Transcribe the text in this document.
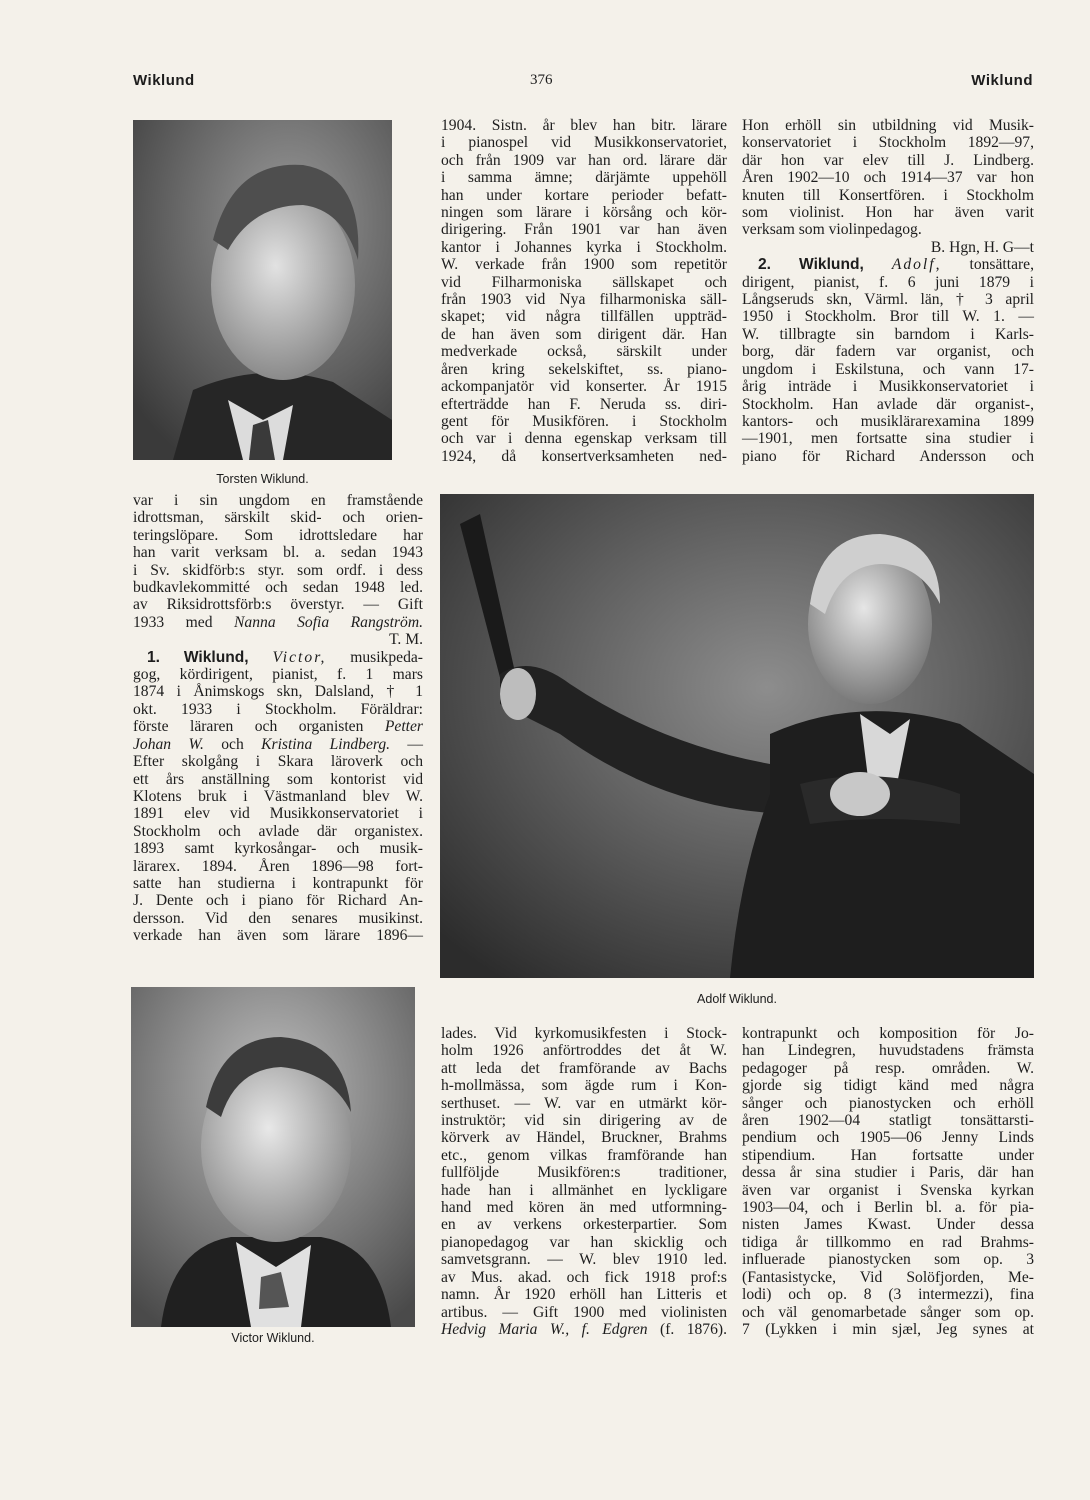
Wiklund	376	Wiklund
Torsten Wiklund.
1904. Sistn. år blev han bitr. lärare
i pianospel vid Musikkonservatoriet,
och från 1909 var han ord. lärare där
i samma ämne; därjämte uppehöll
han under kortare perioder befatt-
ningen som lärare i körsång och kör-
dirigering. Från 1901 var han även
kantor i Johannes kyrka i Stockholm.
W. verkade från 1900 som repetitör
vid Filharmoniska sällskapet och
från 1903 vid Nya filharmoniska säll-
skapet; vid några tillfällen uppträd-
de han även som dirigent där. Han
medverkade också, särskilt under
åren kring sekelskiftet, ss. piano-
ackompanjatör vid konserter. År 1915
efterträdde han F. Neruda ss. diri-
gent för Musikfören. i Stockholm
och var i denna egenskap verksam till
1924, då konsertverksamheten ned-
Hon erhöll sin utbildning vid Musik-
konservatoriet i Stockholm 1892—97,
där hon var elev till J. Lindberg.
Åren 1902—10 och 1914—37 var hon
knuten till Konsertfören. i Stockholm
som violinist. Hon har även varit
verksam som violinpedagog.
B. Hgn, H. G—t
2. Wiklund, Adolf, tonsättare,
dirigent, pianist, f. 6 juni 1879 i
Långseruds skn, Värml. län, † 3 april
1950 i Stockholm. Bror till W. 1. —
W. tillbragte sin barndom i Karls-
borg, där fadern var organist, och
ungdom i Eskilstuna, och vann 17-
årig inträde i Musikkonservatoriet i
Stockholm. Han avlade där organist-,
kantors- och musiklärarexamina 1899
—1901, men fortsatte sina studier i
piano för Richard Andersson och
var i sin ungdom en framstående
idrottsman, särskilt skid- och orien-
teringslöpare. Som idrottsledare har
han varit verksam bl. a. sedan 1943
i Sv. skidförb:s styr. som ordf. i dess
budkavlekommitté och sedan 1948 led.
av Riksidrottsförb:s överstyr. — Gift
1933 med Nanna Sofia Rangström.
T. M.
1. Wiklund, Victor, musikpeda-
gog, kördirigent, pianist, f. 1 mars
1874 i Ånimskogs skn, Dalsland, † 1
okt. 1933 i Stockholm. Föräldrar:
förste läraren och organisten Petter
Johan W. och Kristina Lindberg. —
Efter skolgång i Skara läroverk och
ett års anställning som kontorist vid
Klotens bruk i Västmanland blev W.
1891 elev vid Musikkonservatoriet i
Stockholm och avlade där organistex.
1893 samt kyrkosångar- och musik-
lärarex. 1894. Åren 1896—98 fort-
satte han studierna i kontrapunkt för
J. Dente och i piano för Richard An-
dersson. Vid den senares musikinst.
verkade han även som lärare 1896—
Adolf Wiklund.
Victor Wiklund.
lades. Vid kyrkomusikfesten i Stock-
holm 1926 anförtroddes det åt W.
att leda det framförande av Bachs
h-mollmässa, som ägde rum i Kon-
serthuset. — W. var en utmärkt kör-
instruktör; vid sin dirigering av de
körverk av Händel, Bruckner, Brahms
etc., genom vilkas framförande han
fullföljde Musikfören:s traditioner,
hade han i allmänhet en lyckligare
hand med kören än med utformning-
en av verkens orkesterpartier. Som
pianopedagog var han skicklig och
samvetsgrann. — W. blev 1910 led.
av Mus. akad. och fick 1918 prof:s
namn. År 1920 erhöll han Litteris et
artibus. — Gift 1900 med violinisten
Hedvig Maria W., f. Edgren (f. 1876).
kontrapunkt och komposition för Jo-
han Lindegren, huvudstadens främsta
pedagoger på resp. områden. W.
gjorde sig tidigt känd med några
sånger och pianostycken och erhöll
åren 1902—04 statligt tonsättarsti-
pendium och 1905—06 Jenny Linds
stipendium. Han fortsatte under
dessa år sina studier i Paris, där han
även var organist i Svenska kyrkan
1903—04, och i Berlin bl. a. för pia-
nisten James Kwast. Under dessa
tidiga år tillkommo en rad Brahms-
influerade pianostycken som op. 3
(Fantasistycke, Vid Solöfjorden, Me-
lodi) och op. 8 (3 intermezzi), fina
och väl genomarbetade sånger som op.
7 (Lykken i min sjæl, Jeg synes at
